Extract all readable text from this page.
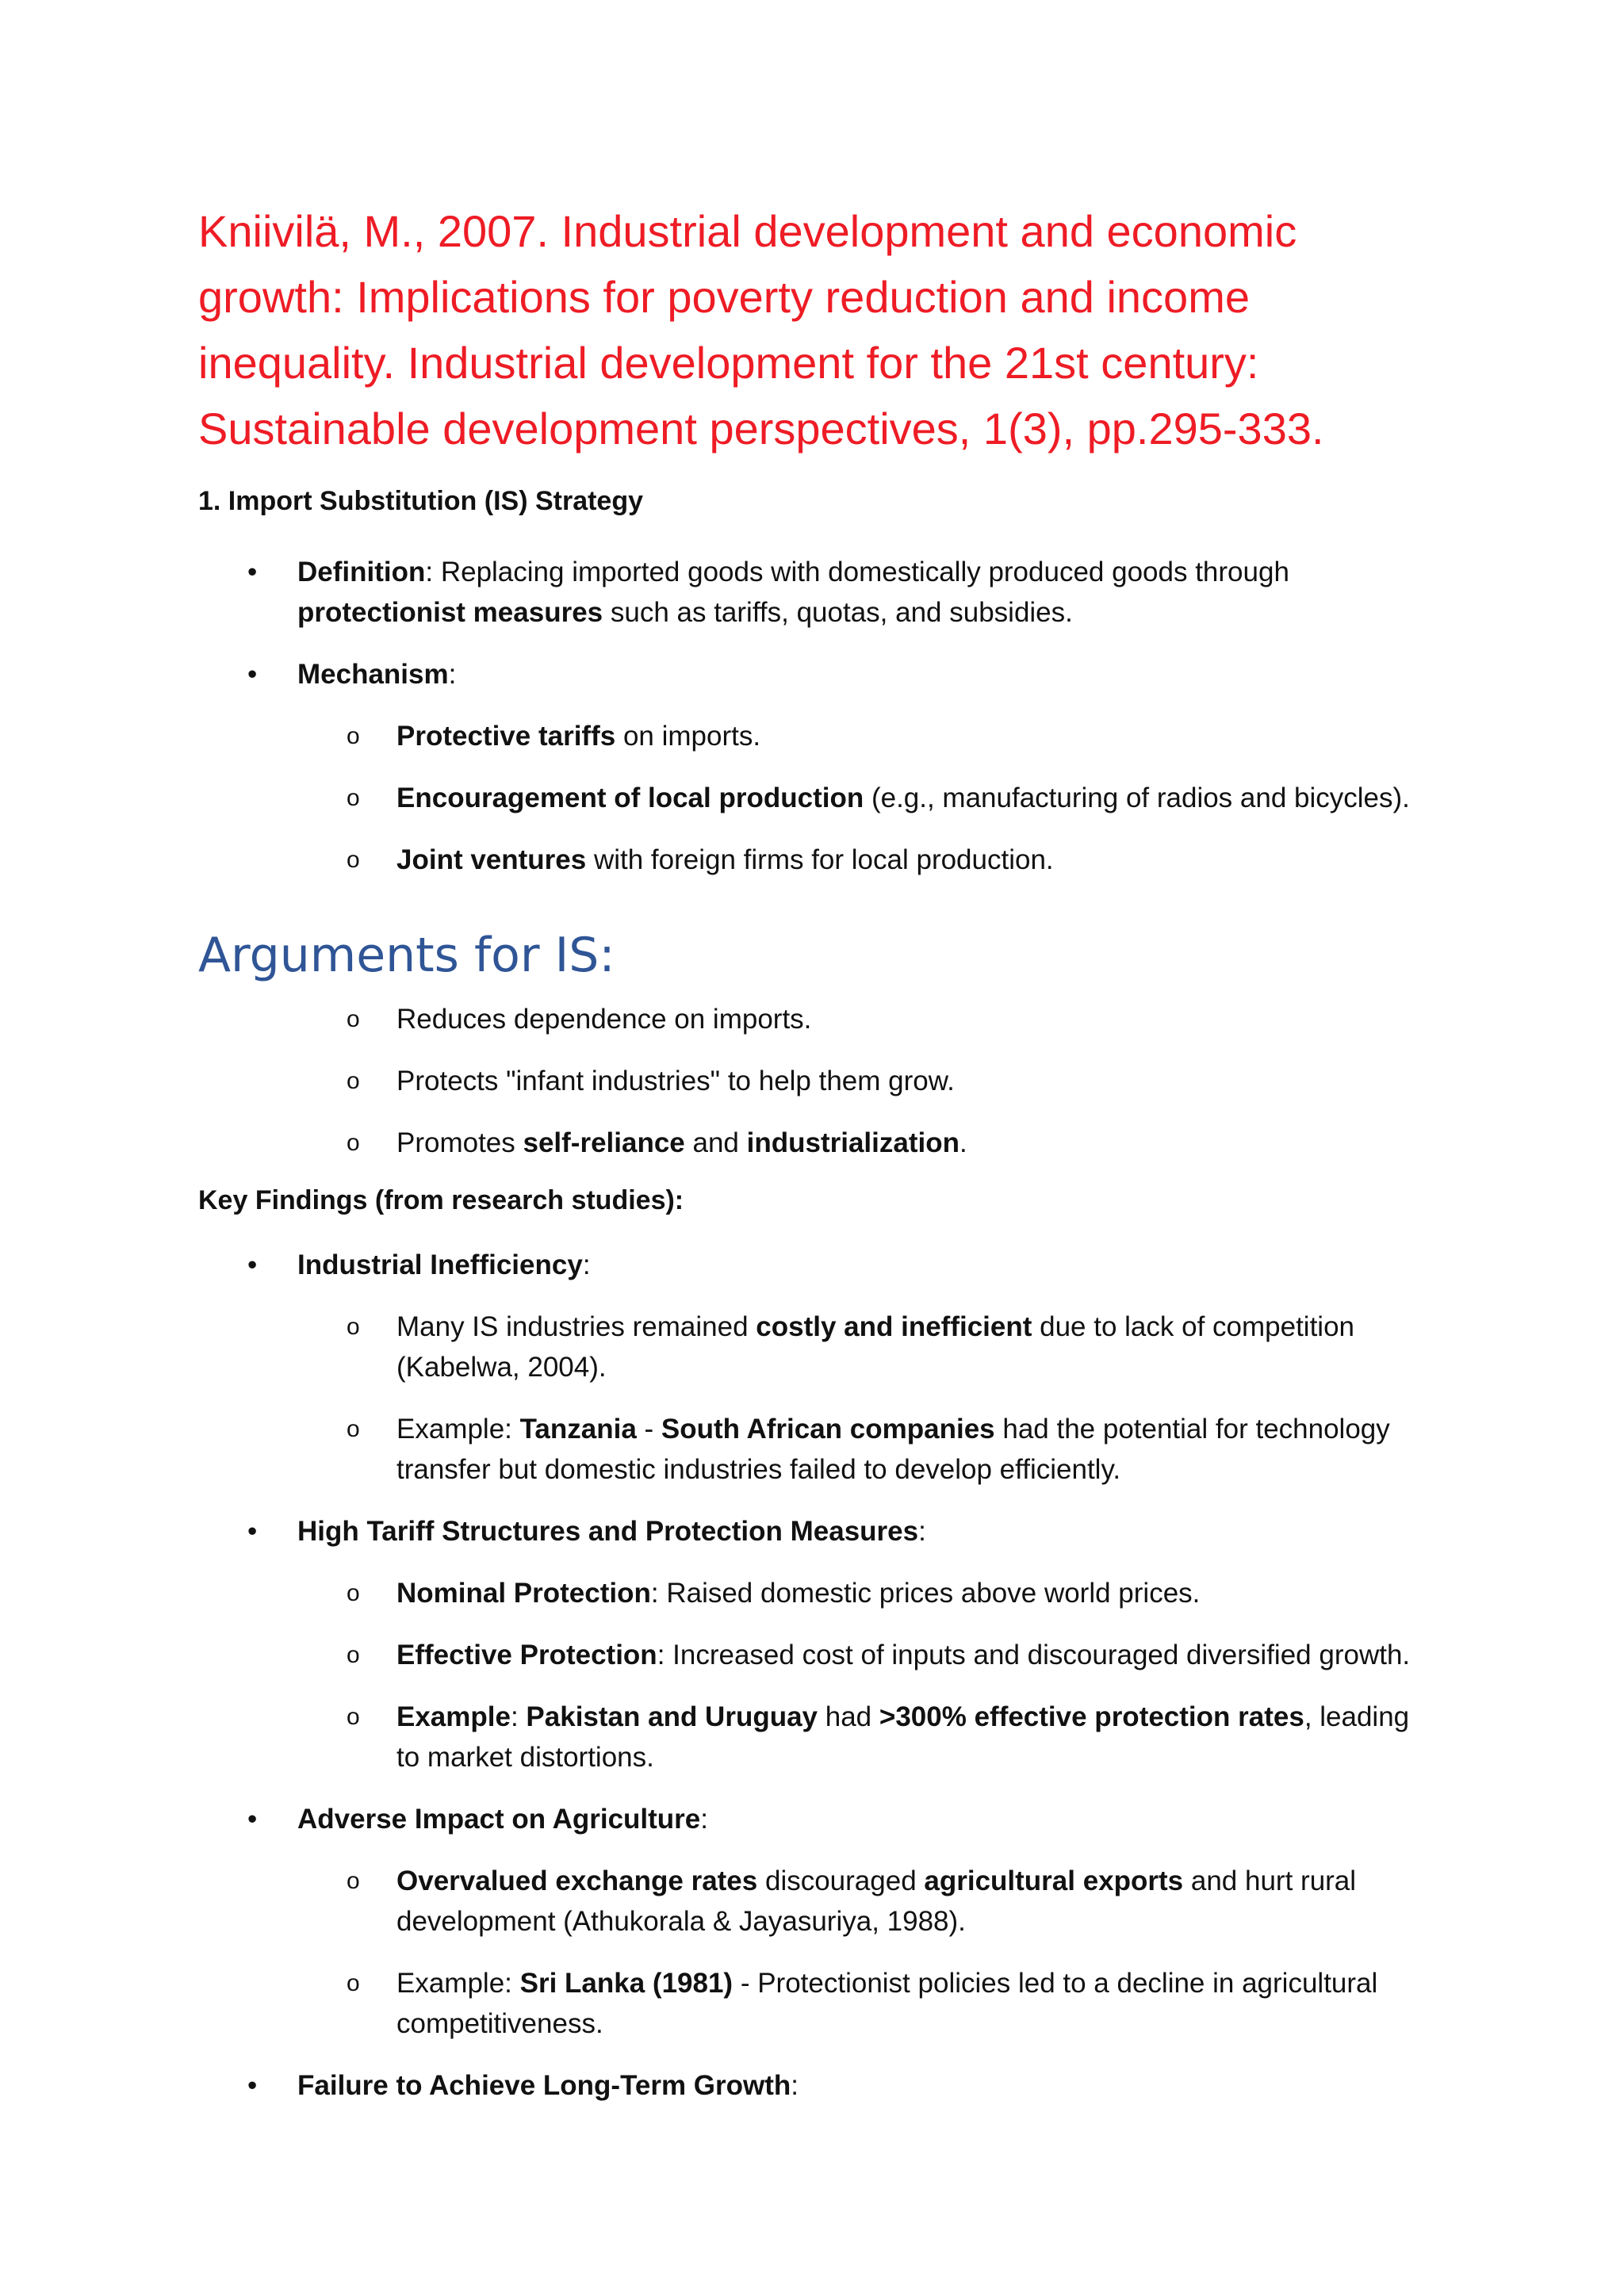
Kniivilä, M., 2007. Industrial development and economic growth: Implications for poverty reduction and income inequality. Industrial development for the 21st century: Sustainable development perspectives, 1(3), pp.295-333.
1. Import Substitution (IS) Strategy
• Definition: Replacing imported goods with domestically produced goods through protectionist measures such as tariffs, quotas, and subsidies.
• Mechanism:
o Protective tariffs on imports.
o Encouragement of local production (e.g., manufacturing of radios and bicycles).
o Joint ventures with foreign firms for local production.
Arguments for IS:
o Reduces dependence on imports.
o Protects "infant industries" to help them grow.
o Promotes self-reliance and industrialization.
Key Findings (from research studies):
• Industrial Inefficiency:
o Many IS industries remained costly and inefficient due to lack of competition (Kabelwa, 2004).
o Example: Tanzania - South African companies had the potential for technology transfer but domestic industries failed to develop efficiently.
• High Tariff Structures and Protection Measures:
o Nominal Protection: Raised domestic prices above world prices.
o Effective Protection: Increased cost of inputs and discouraged diversified growth.
o Example: Pakistan and Uruguay had >300% effective protection rates, leading to market distortions.
• Adverse Impact on Agriculture:
o Overvalued exchange rates discouraged agricultural exports and hurt rural development (Athukorala & Jayasuriya, 1988).
o Example: Sri Lanka (1981) - Protectionist policies led to a decline in agricultural competitiveness.
• Failure to Achieve Long-Term Growth:
